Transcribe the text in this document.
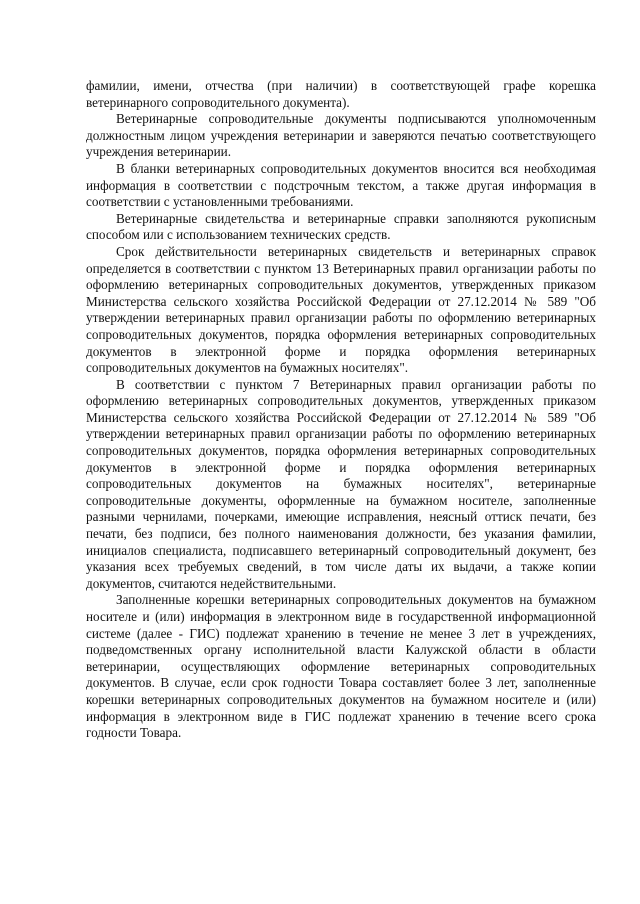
фамилии, имени, отчества (при наличии) в соответствующей графе корешка ветеринарного сопроводительного документа).

Ветеринарные сопроводительные документы подписываются уполномоченным должностным лицом учреждения ветеринарии и заверяются печатью соответствующего учреждения ветеринарии.

В бланки ветеринарных сопроводительных документов вносится вся необходимая информация в соответствии с подстрочным текстом, а также другая информация в соответствии с установленными требованиями.

Ветеринарные свидетельства и ветеринарные справки заполняются рукописным способом или с использованием технических средств.

Срок действительности ветеринарных свидетельств и ветеринарных справок определяется в соответствии с пунктом 13 Ветеринарных правил организации работы по оформлению ветеринарных сопроводительных документов, утвержденных приказом Министерства сельского хозяйства Российской Федерации от 27.12.2014 № 589 "Об утверждении ветеринарных правил организации работы по оформлению ветеринарных сопроводительных документов, порядка оформления ветеринарных сопроводительных документов в электронной форме и порядка оформления ветеринарных сопроводительных документов на бумажных носителях".

В соответствии с пунктом 7 Ветеринарных правил организации работы по оформлению ветеринарных сопроводительных документов, утвержденных приказом Министерства сельского хозяйства Российской Федерации от 27.12.2014 № 589 "Об утверждении ветеринарных правил организации работы по оформлению ветеринарных сопроводительных документов, порядка оформления ветеринарных сопроводительных документов в электронной форме и порядка оформления ветеринарных сопроводительных документов на бумажных носителях", ветеринарные сопроводительные документы, оформленные на бумажном носителе, заполненные разными чернилами, почерками, имеющие исправления, неясный оттиск печати, без печати, без подписи, без полного наименования должности, без указания фамилии, инициалов специалиста, подписавшего ветеринарный сопроводительный документ, без указания всех требуемых сведений, в том числе даты их выдачи, а также копии документов, считаются недействительными.

Заполненные корешки ветеринарных сопроводительных документов на бумажном носителе и (или) информация в электронном виде в государственной информационной системе (далее - ГИС) подлежат хранению в течение не менее 3 лет в учреждениях, подведомственных органу исполнительной власти Калужской области в области ветеринарии, осуществляющих оформление ветеринарных сопроводительных документов. В случае, если срок годности Товара составляет более 3 лет, заполненные корешки ветеринарных сопроводительных документов на бумажном носителе и (или) информация в электронном виде в ГИС подлежат хранению в течение всего срока годности Товара.
